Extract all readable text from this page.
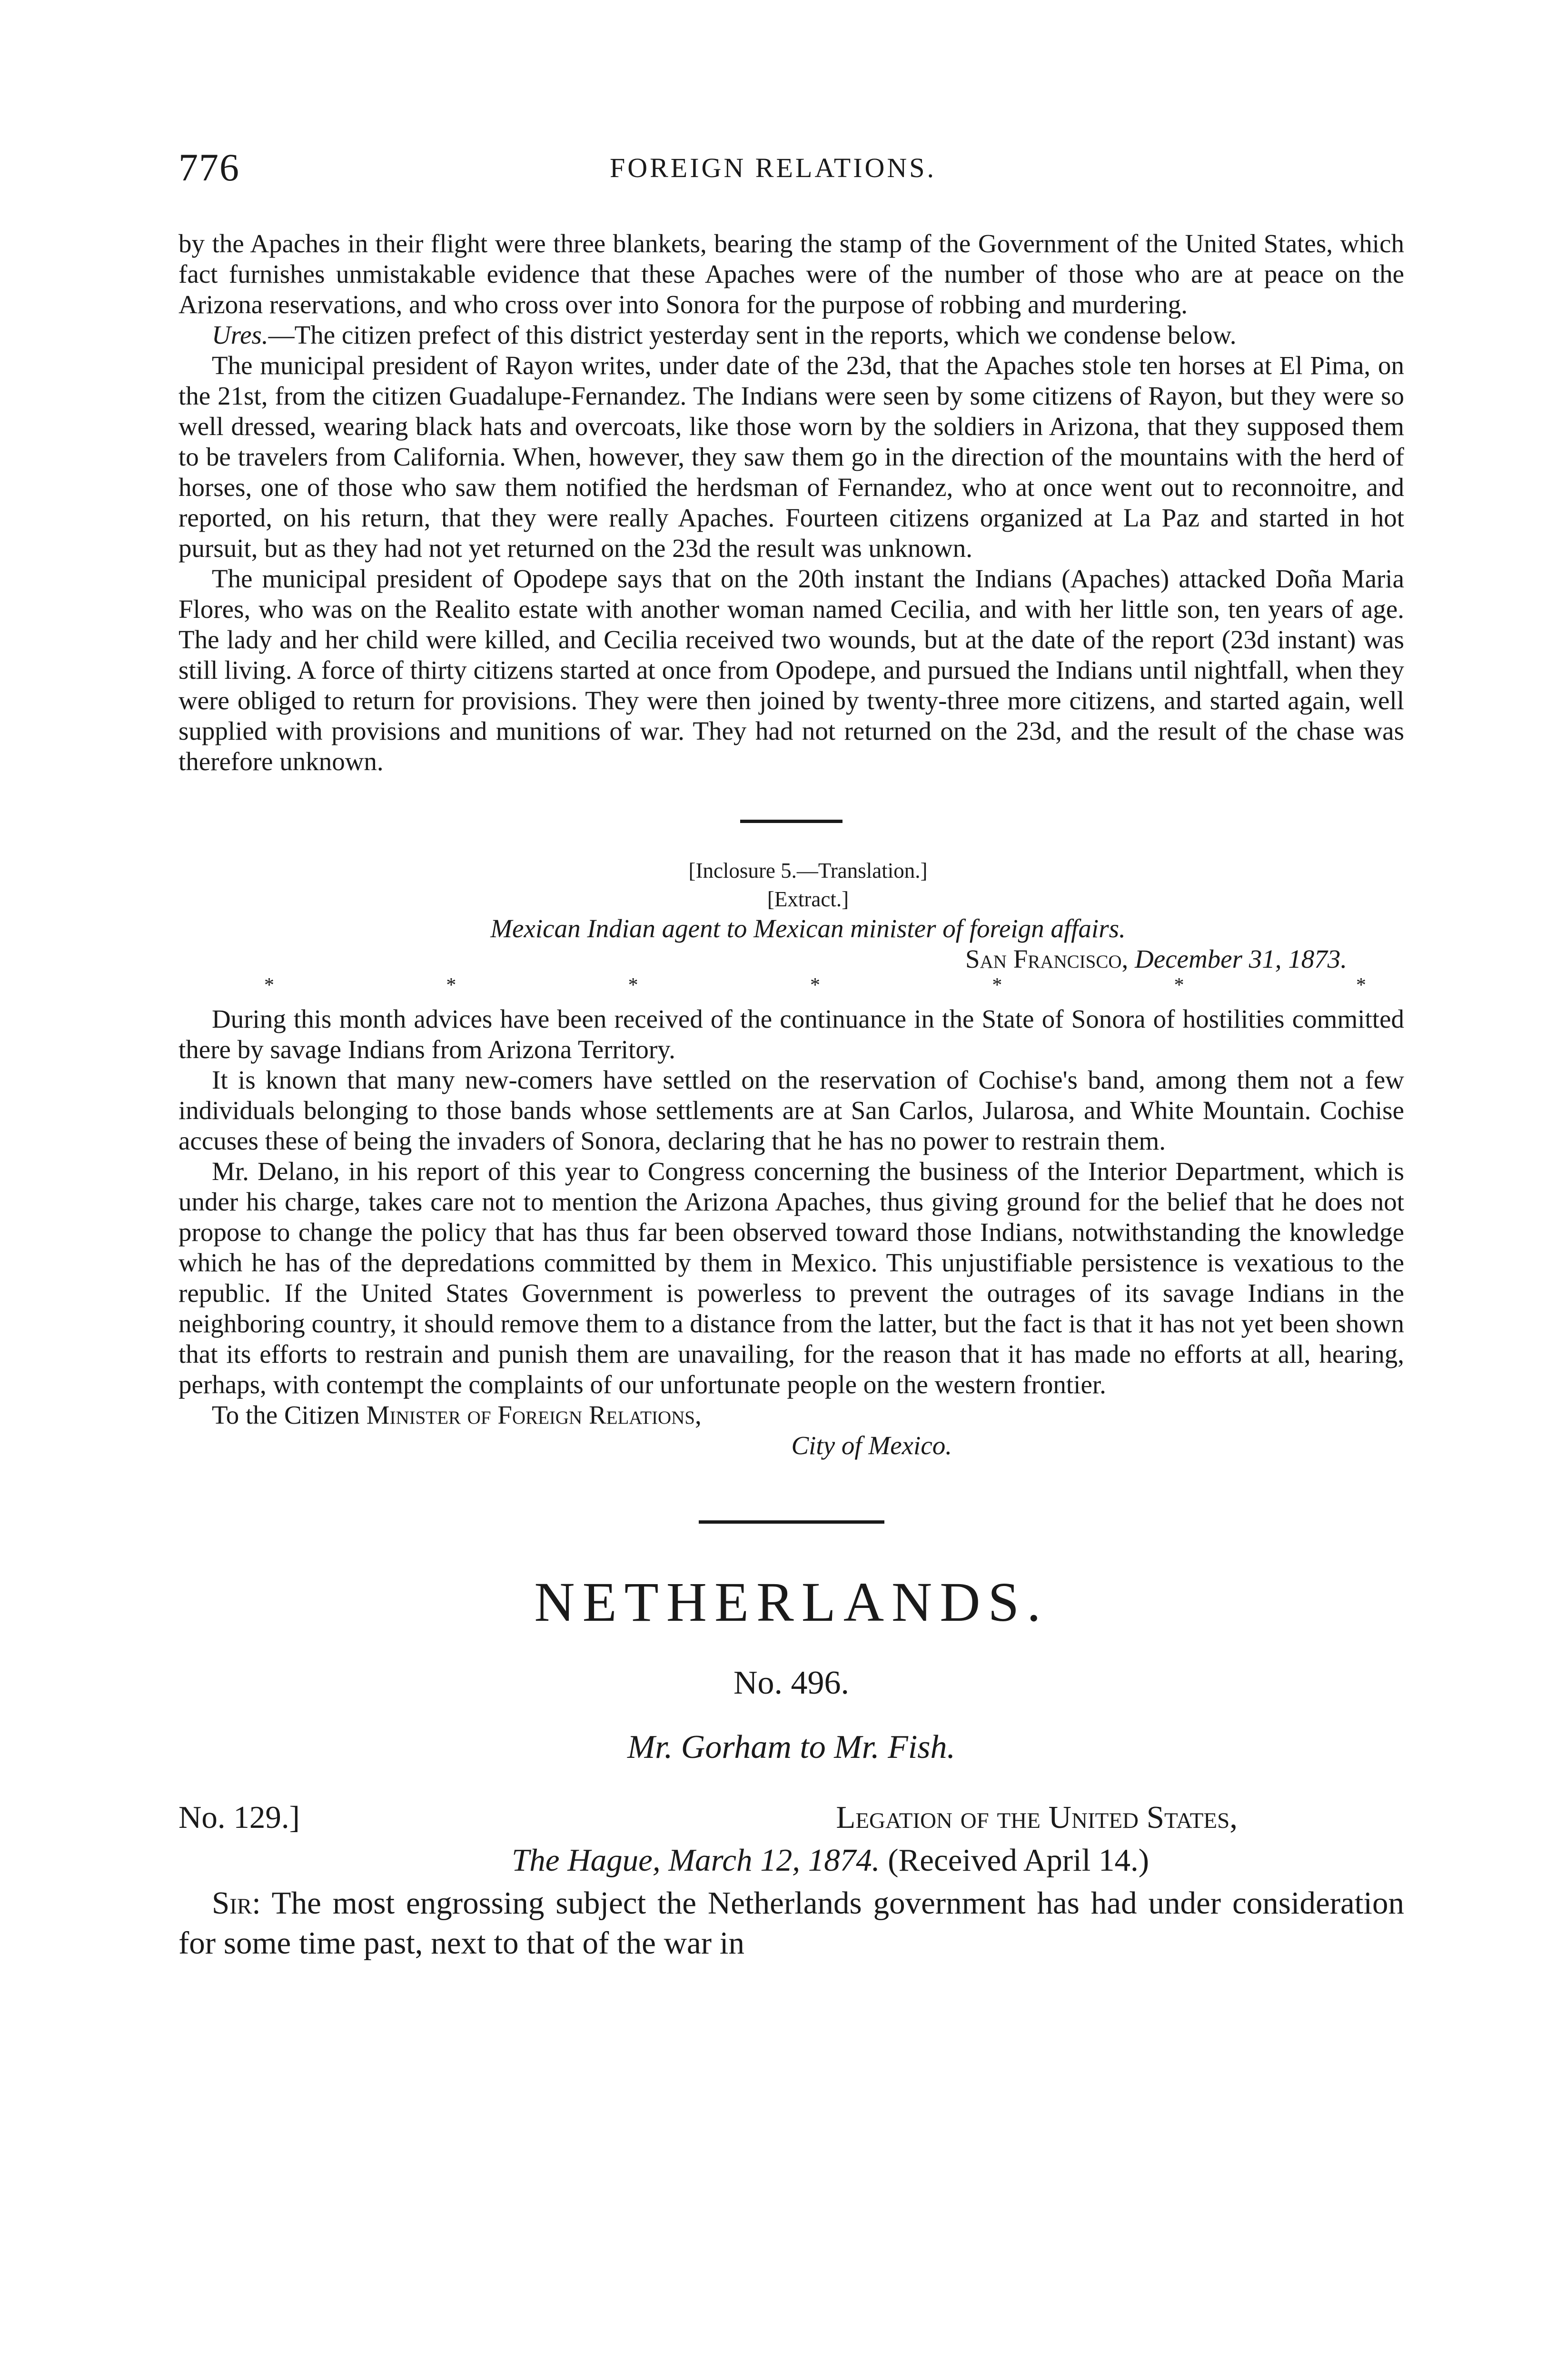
776	FOREIGN RELATIONS.

by the Apaches in their flight were three blankets, bearing the stamp of the Government of the United States, which fact furnishes unmistakable evidence that these Apaches were of the number of those who are at peace on the Arizona reservations, and who cross over into Sonora for the purpose of robbing and murdering.

Ures.—The citizen prefect of this district yesterday sent in the reports, which we condense below.

The municipal president of Rayon writes, under date of the 23d, that the Apaches stole ten horses at El Pima, on the 21st, from the citizen Guadalupe-Fernandez. The Indians were seen by some citizens of Rayon, but they were so well dressed, wearing black hats and overcoats, like those worn by the soldiers in Arizona, that they supposed them to be travelers from California. When, however, they saw them go in the direction of the mountains with the herd of horses, one of those who saw them notified the herdsman of Fernandez, who at once went out to reconnoitre, and reported, on his return, that they were really Apaches. Fourteen citizens organized at La Paz and started in hot pursuit, but as they had not yet returned on the 23d the result was unknown.

The municipal president of Opodepe says that on the 20th instant the Indians (Apaches) attacked Doña Maria Flores, who was on the Realito estate with another woman named Cecilia, and with her little son, ten years of age. The lady and her child were killed, and Cecilia received two wounds, but at the date of the report (23d instant) was still living. A force of thirty citizens started at once from Opodepe, and pursued the Indians until nightfall, when they were obliged to return for provisions. They were then joined by twenty-three more citizens, and started again, well supplied with provisions and munitions of war. They had not returned on the 23d, and the result of the chase was therefore unknown.

[Inclosure 5.—Translation.]

[Extract.]

Mexican Indian agent to Mexican minister of foreign affairs.

San Francisco, December 31, 1873.

*	*	*	*	*	*	*

During this month advices have been received of the continuance in the State of Sonora of hostilities committed there by savage Indians from Arizona Territory.

It is known that many new-comers have settled on the reservation of Cochise's band, among them not a few individuals belonging to those bands whose settlements are at San Carlos, Jularosa, and White Mountain. Cochise accuses these of being the invaders of Sonora, declaring that he has no power to restrain them.

Mr. Delano, in his report of this year to Congress concerning the business of the Interior Department, which is under his charge, takes care not to mention the Arizona Apaches, thus giving ground for the belief that he does not propose to change the policy that has thus far been observed toward those Indians, notwithstanding the knowledge which he has of the depredations committed by them in Mexico. This unjustifiable persistence is vexatious to the republic. If the United States Government is powerless to prevent the outrages of its savage Indians in the neighboring country, it should remove them to a distance from the latter, but the fact is that it has not yet been shown that its efforts to restrain and punish them are unavailing, for the reason that it has made no efforts at all, hearing, perhaps, with contempt the complaints of our unfortunate people on the western frontier.

To the Citizen Minister of Foreign Relations,

City of Mexico.

NETHERLANDS.
No. 496.
Mr. Gorham to Mr. Fish.
No. 129.]	Legation of the United States,
The Hague, March 12, 1874. (Received April 14.)

Sir: The most engrossing subject the Netherlands government has had under consideration for some time past, next to that of the war in
